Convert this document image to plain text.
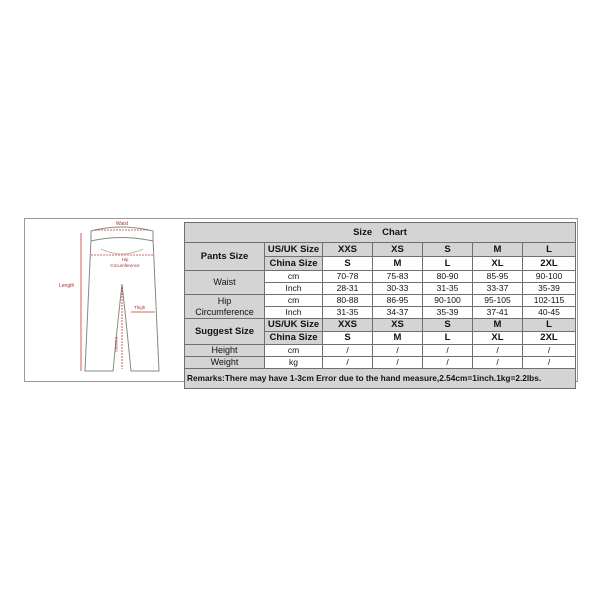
Waist
Hip
Circumference
Length
Thigh
Inseam
Size Chart						
Pants Size	US/UK Size	XXS	XS	S	M	L
	China Size	S	M	L	XL	2XL
Waist	cm	70-78	75-83	80-90	85-95	90-100
	Inch	28-31	30-33	31-35	33-37	35-39

Hip
Circumference	cm	80-88	86-95	90-100	95-105	102-115
	Inch	31-35	34-37	35-39	37-41	40-45
Suggest Size	US/UK Size	XXS	XS	S	M	L
	China Size	S	M	L	XL	2XL
Height	cm	/	/	/	/	/
Weight	kg	/	/	/	/	/
Remarks:There may have 1-3cm Error due to the hand measure,2.54cm=1inch.1kg=2.2lbs.						
